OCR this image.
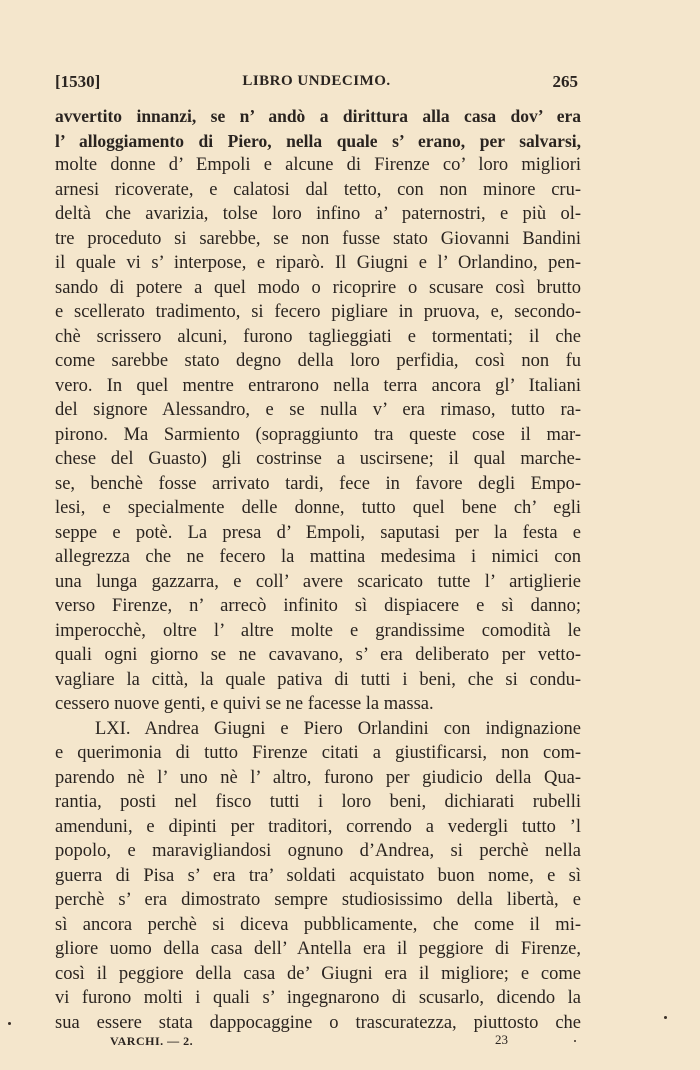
[1530]	LIBRO UNDECIMO.	265
avvertito innanzi, se n’ andò a dirittura alla casa dov’ era
l’ alloggiamento di Piero, nella quale s’ erano, per salvarsi,
molte donne d’ Empoli e alcune di Firenze co’ loro migliori
arnesi ricoverate, e calatosi dal tetto, con non minore cru-
deltà che avarizia, tolse loro infino a’ paternostri, e più ol-
tre proceduto si sarebbe, se non fusse stato Giovanni Bandini
il quale vi s’ interpose, e riparò. Il Giugni e l’ Orlandino, pen-
sando di potere a quel modo o ricoprire o scusare così brutto
e scellerato tradimento, si fecero pigliare in pruova, e, secondo-
chè scrissero alcuni, furono taglieggiati e tormentati; il che
come sarebbe stato degno della loro perfidia, così non fu
vero. In quel mentre entrarono nella terra ancora gl’ Italiani
del signore Alessandro, e se nulla v’ era rimaso, tutto ra-
pirono. Ma Sarmiento (sopraggiunto tra queste cose il mar-
chese del Guasto) gli costrinse a uscirsene; il qual marche-
se, benchè fosse arrivato tardi, fece in favore degli Empo-
lesi, e specialmente delle donne, tutto quel bene ch’ egli
seppe e potè. La presa d’ Empoli, saputasi per la festa e
allegrezza che ne fecero la mattina medesima i nimici con
una lunga gazzarra, e coll’ avere scaricato tutte l’ artiglierie
verso Firenze, n’ arrecò infinito sì dispiacere e sì danno;
imperocchè, oltre l’ altre molte e grandissime comodità le
quali ogni giorno se ne cavavano, s’ era deliberato per vetto-
vagliare la città, la quale pativa di tutti i beni, che si condu-
cessero nuove genti, e quivi se ne facesse la massa.
LXI. Andrea Giugni e Piero Orlandini con indignazione
e querimonia di tutto Firenze citati a giustificarsi, non com-
parendo nè l’ uno nè l’ altro, furono per giudicio della Qua-
rantia, posti nel fisco tutti i loro beni, dichiarati rubelli
amenduni, e dipinti per traditori, correndo a vedergli tutto ’l
popolo, e maravigliandosi ognuno d’Andrea, si perchè nella
guerra di Pisa s’ era tra’ soldati acquistato buon nome, e sì
perchè s’ era dimostrato sempre studiosissimo della libertà, e
sì ancora perchè si diceva pubblicamente, che come il mi-
gliore uomo della casa dell’ Antella era il peggiore di Firenze,
così il peggiore della casa de’ Giugni era il migliore; e come
vi furono molti i quali s’ ingegnarono di scusarlo, dicendo la
sua essere stata dappocaggine o trascuratezza, piuttosto che
VARCHI. — 2.	23
